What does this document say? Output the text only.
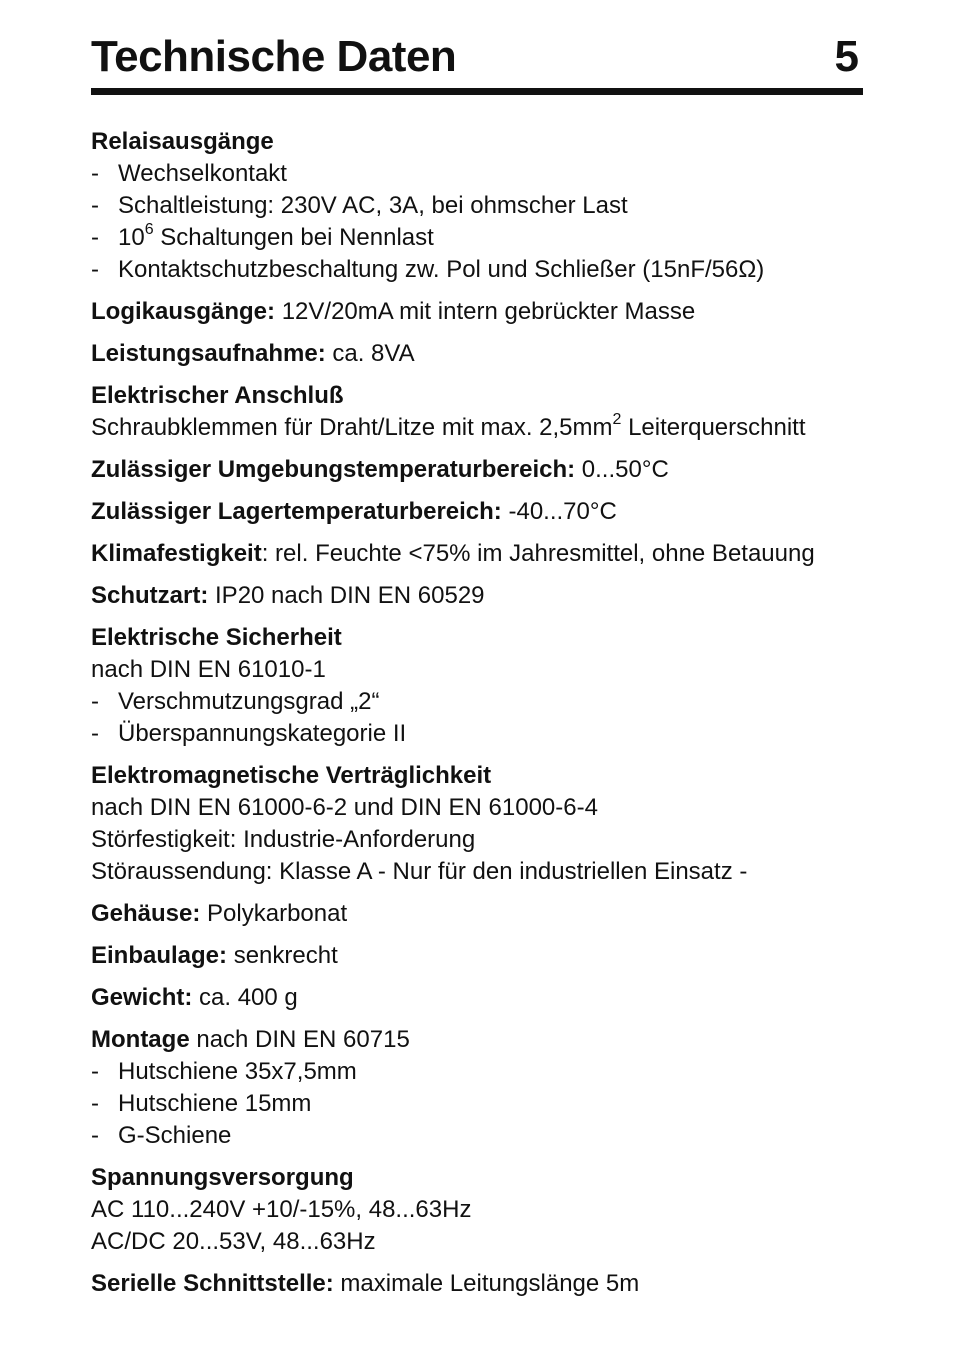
Technische Daten	5
Relaisausgänge
- Wechselkontakt
- Schaltleistung: 230V AC, 3A, bei ohmscher Last
- $10^6$ Schaltungen bei Nennlast
- Kontaktschutzbeschaltung zw. Pol und Schließer (15nF/56Ω)
Logikausgänge: 12V/20mA mit intern gebrückter Masse
Leistungsaufnahme: ca. 8VA
Elektrischer Anschluß
Schraubklemmen für Draht/Litze mit max. $2,5mm^2$ Leiterquerschnitt
Zulässiger Umgebungstemperaturbereich: 0...50°C
Zulässiger Lagertemperaturbereich: -40...70°C
Klimafestigkeit: rel. Feuchte <75% im Jahresmittel, ohne Betauung
Schutzart: IP20 nach DIN EN 60529
Elektrische Sicherheit
nach DIN EN 61010-1
- Verschmutzungsgrad „2“
- Überspannungskategorie II
Elektromagnetische Verträglichkeit
nach DIN EN 61000-6-2 und DIN EN 61000-6-4
Störfestigkeit: Industrie-Anforderung
Störaussendung: Klasse A - Nur für den industriellen Einsatz -
Gehäuse: Polykarbonat
Einbaulage: senkrecht
Gewicht: ca. 400 g
Montage nach DIN EN 60715
- Hutschiene 35x7,5mm
- Hutschiene 15mm
- G-Schiene
Spannungsversorgung
AC 110...240V +10/-15%, 48...63Hz
AC/DC 20...53V, 48...63Hz
Serielle Schnittstelle: maximale Leitungslänge 5m
